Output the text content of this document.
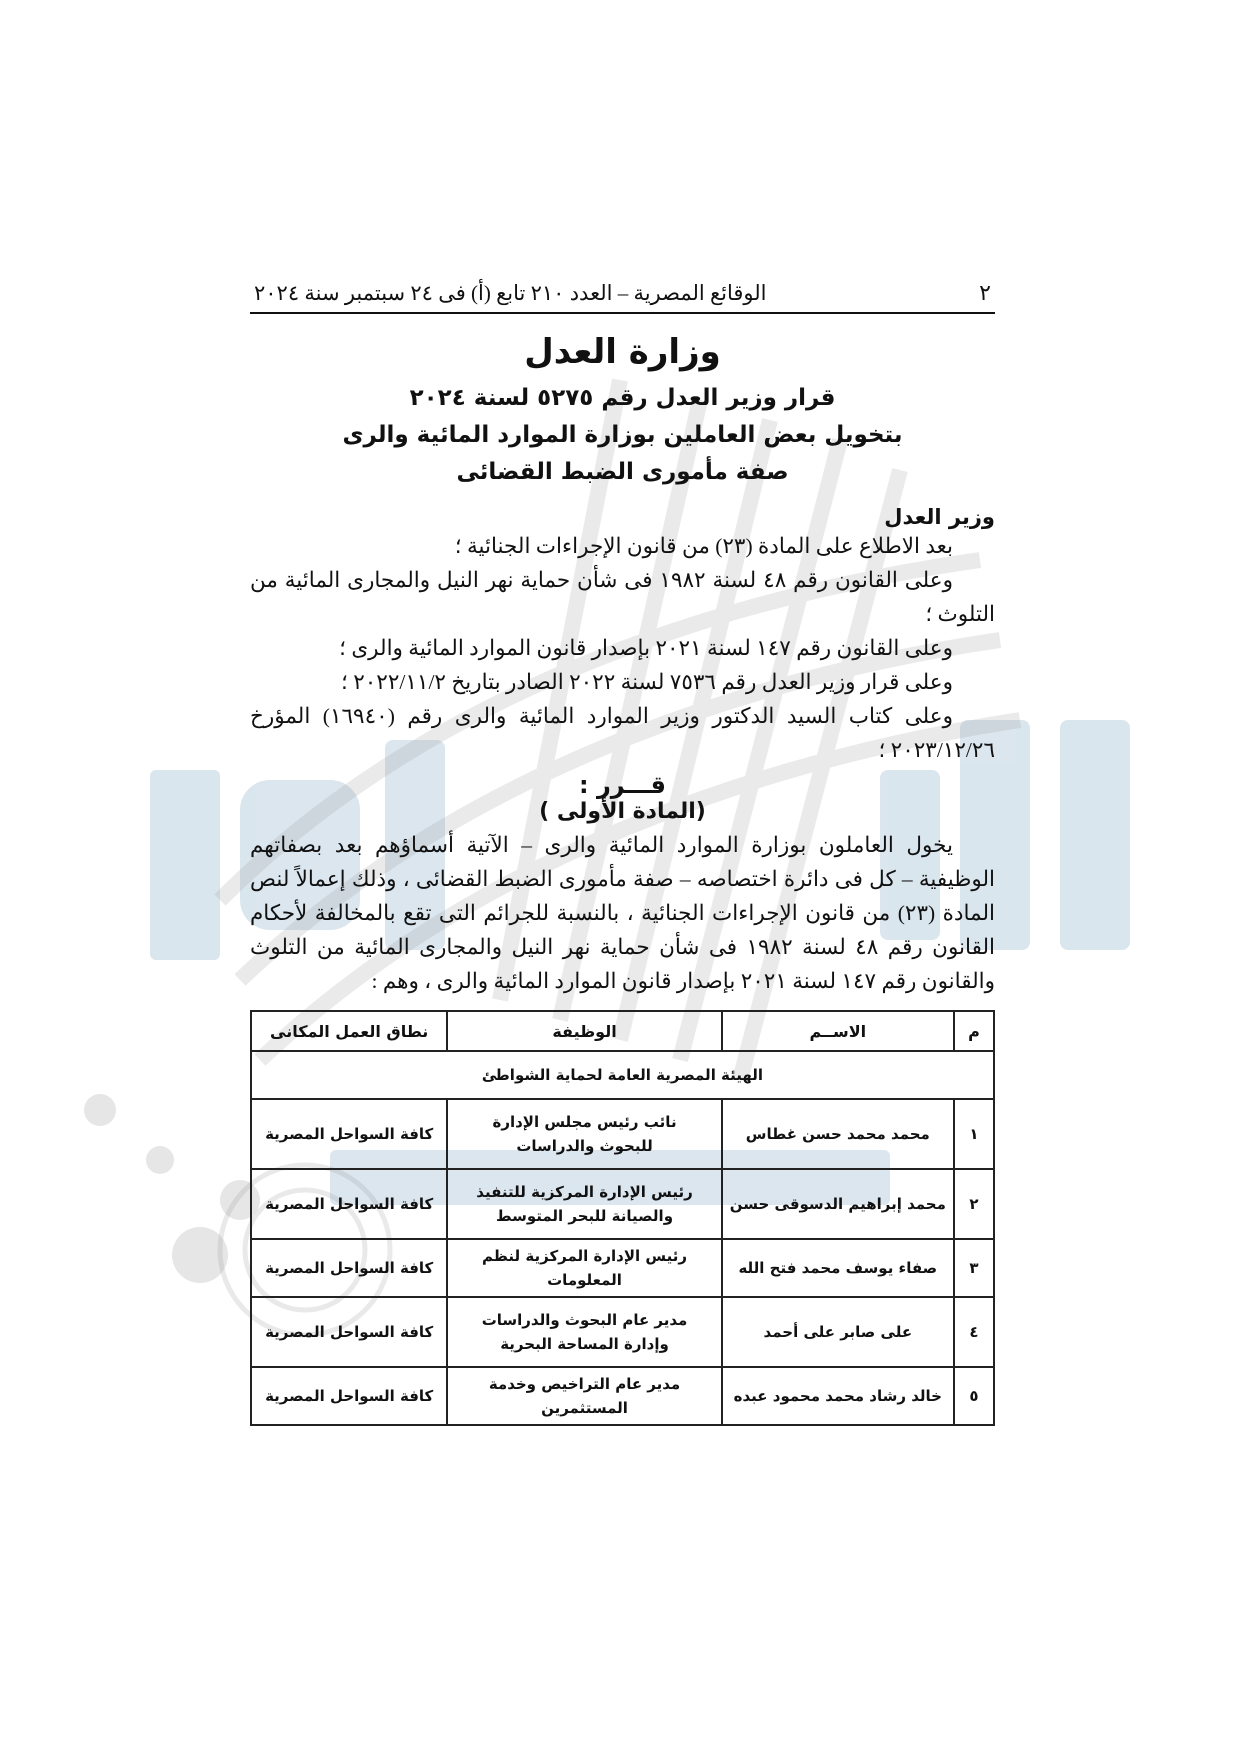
٢
الوقائع المصرية – العدد ٢١٠ تابع (أ) فى ٢٤ سبتمبر سنة ٢٠٢٤
وزارة العدل
قرار وزير العدل رقم ٥٢٧٥ لسنة ٢٠٢٤
بتخويل بعض العاملين بوزارة الموارد المائية والرى
صفة مأمورى الضبط القضائى
وزير العدل

بعد الاطلاع على المادة (٢٣) من قانون الإجراءات الجنائية ؛

وعلى القانون رقم ٤٨ لسنة ١٩٨٢ فى شأن حماية نهر النيل والمجارى المائية من التلوث ؛

وعلى القانون رقم ١٤٧ لسنة ٢٠٢١ بإصدار قانون الموارد المائية والرى ؛

وعلى قرار وزير العدل رقم ٧٥٣٦ لسنة ٢٠٢٢ الصادر بتاريخ ٢٠٢٢/١١/٢ ؛

وعلى كتاب السيد الدكتور وزير الموارد المائية والرى رقم (١٦٩٤٠) المؤرخ ٢٠٢٣/١٢/٢٦ ؛

قـــرر :
(المادة الأولى )

يخول العاملون بوزارة الموارد المائية والرى – الآتية أسماؤهم بعد بصفاتهم الوظيفية – كل فى دائرة اختصاصه – صفة مأمورى الضبط القضائى ، وذلك إعمالاً لنص المادة (٢٣) من قانون الإجراءات الجنائية ، بالنسبة للجرائم التى تقع بالمخالفة لأحكام القانون رقم ٤٨ لسنة ١٩٨٢ فى شأن حماية نهر النيل والمجارى المائية من التلوث والقانون رقم ١٤٧ لسنة ٢٠٢١ بإصدار قانون الموارد المائية والرى ، وهم :

م	الاســم	الوظيفة	نطاق العمل المكانى
الهيئة المصرية العامة لحماية الشواطئ			
١	محمد محمد حسن غطاس	نائب رئيس مجلس الإدارة
للبحوث والدراسات	كافة السواحل المصرية
٢	محمد إبراهيم الدسوقى حسن	رئيس الإدارة المركزية للتنفيذ
والصيانة للبحر المتوسط	كافة السواحل المصرية
٣	صفاء يوسف محمد فتح الله	رئيس الإدارة المركزية لنظم المعلومات	كافة السواحل المصرية
٤	على صابر على أحمد	مدير عام البحوث والدراسات
وإدارة المساحة البحرية	كافة السواحل المصرية
٥	خالد رشاد محمد محمود عبده	مدير عام التراخيص وخدمة المستثمرين	كافة السواحل المصرية
